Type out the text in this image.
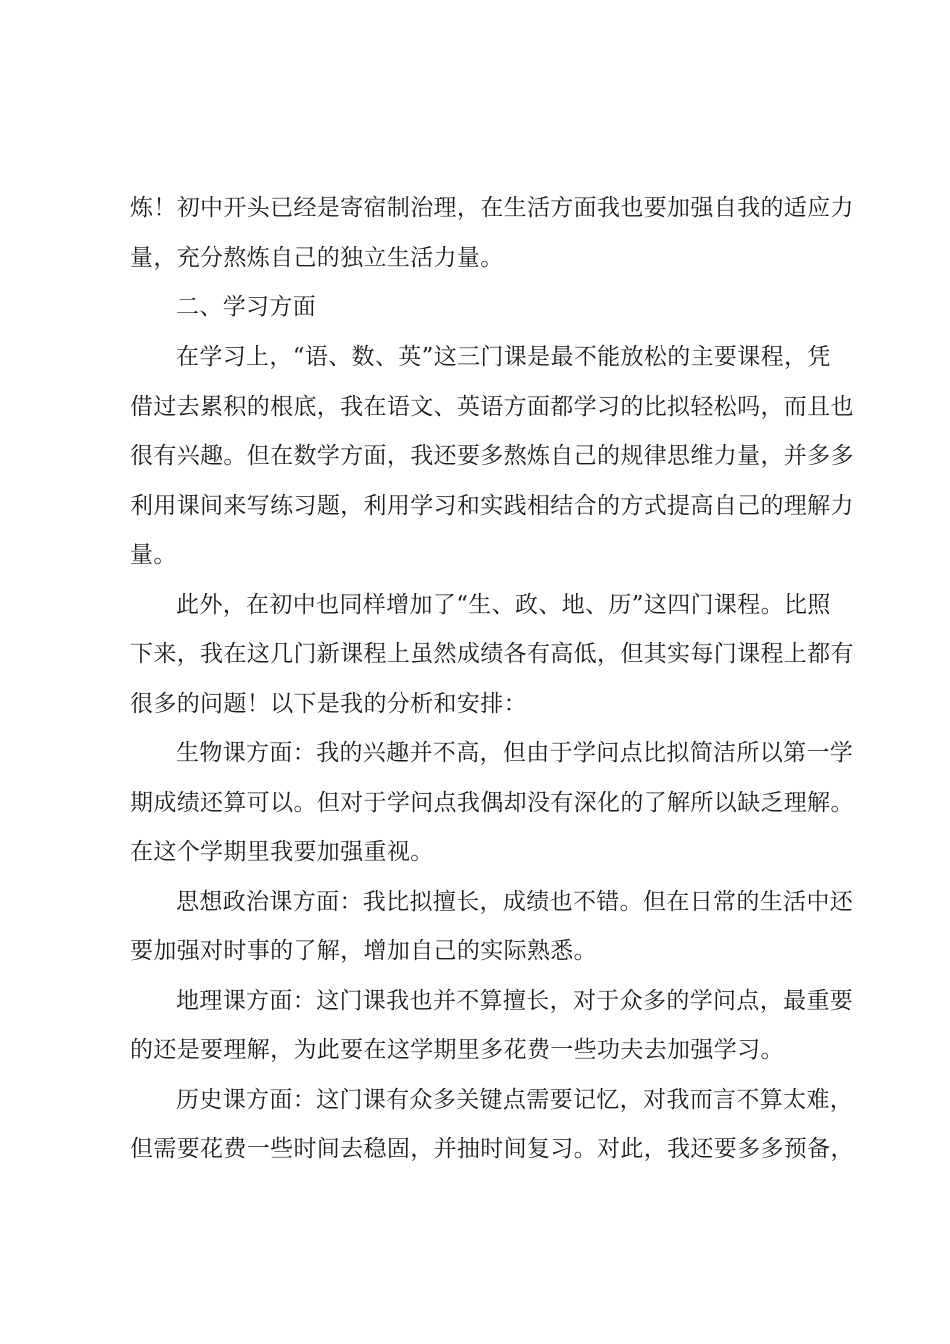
炼！初中开头已经是寄宿制治理，在生活方面我也要加强自我的适应力
量，充分熬炼自己的独立生活力量。
二、学习方面
在学习上，“语、数、英”这三门课是最不能放松的主要课程，凭
借过去累积的根底，我在语文、英语方面都学习的比拟轻松吗，而且也
很有兴趣。但在数学方面，我还要多熬炼自己的规律思维力量，并多多
利用课间来写练习题，利用学习和实践相结合的方式提高自己的理解力
量。
此外，在初中也同样增加了“生、政、地、历”这四门课程。比照
下来，我在这几门新课程上虽然成绩各有高低，但其实每门课程上都有
很多的问题！以下是我的分析和安排：
生物课方面：我的兴趣并不高，但由于学问点比拟简洁所以第一学
期成绩还算可以。但对于学问点我偶却没有深化的了解所以缺乏理解。
在这个学期里我要加强重视。
思想政治课方面：我比拟擅长，成绩也不错。但在日常的生活中还
要加强对时事的了解，增加自己的实际熟悉。
地理课方面：这门课我也并不算擅长，对于众多的学问点，最重要
的还是要理解，为此要在这学期里多花费一些功夫去加强学习。
历史课方面：这门课有众多关键点需要记忆，对我而言不算太难，
但需要花费一些时间去稳固，并抽时间复习。对此，我还要多多预备，
